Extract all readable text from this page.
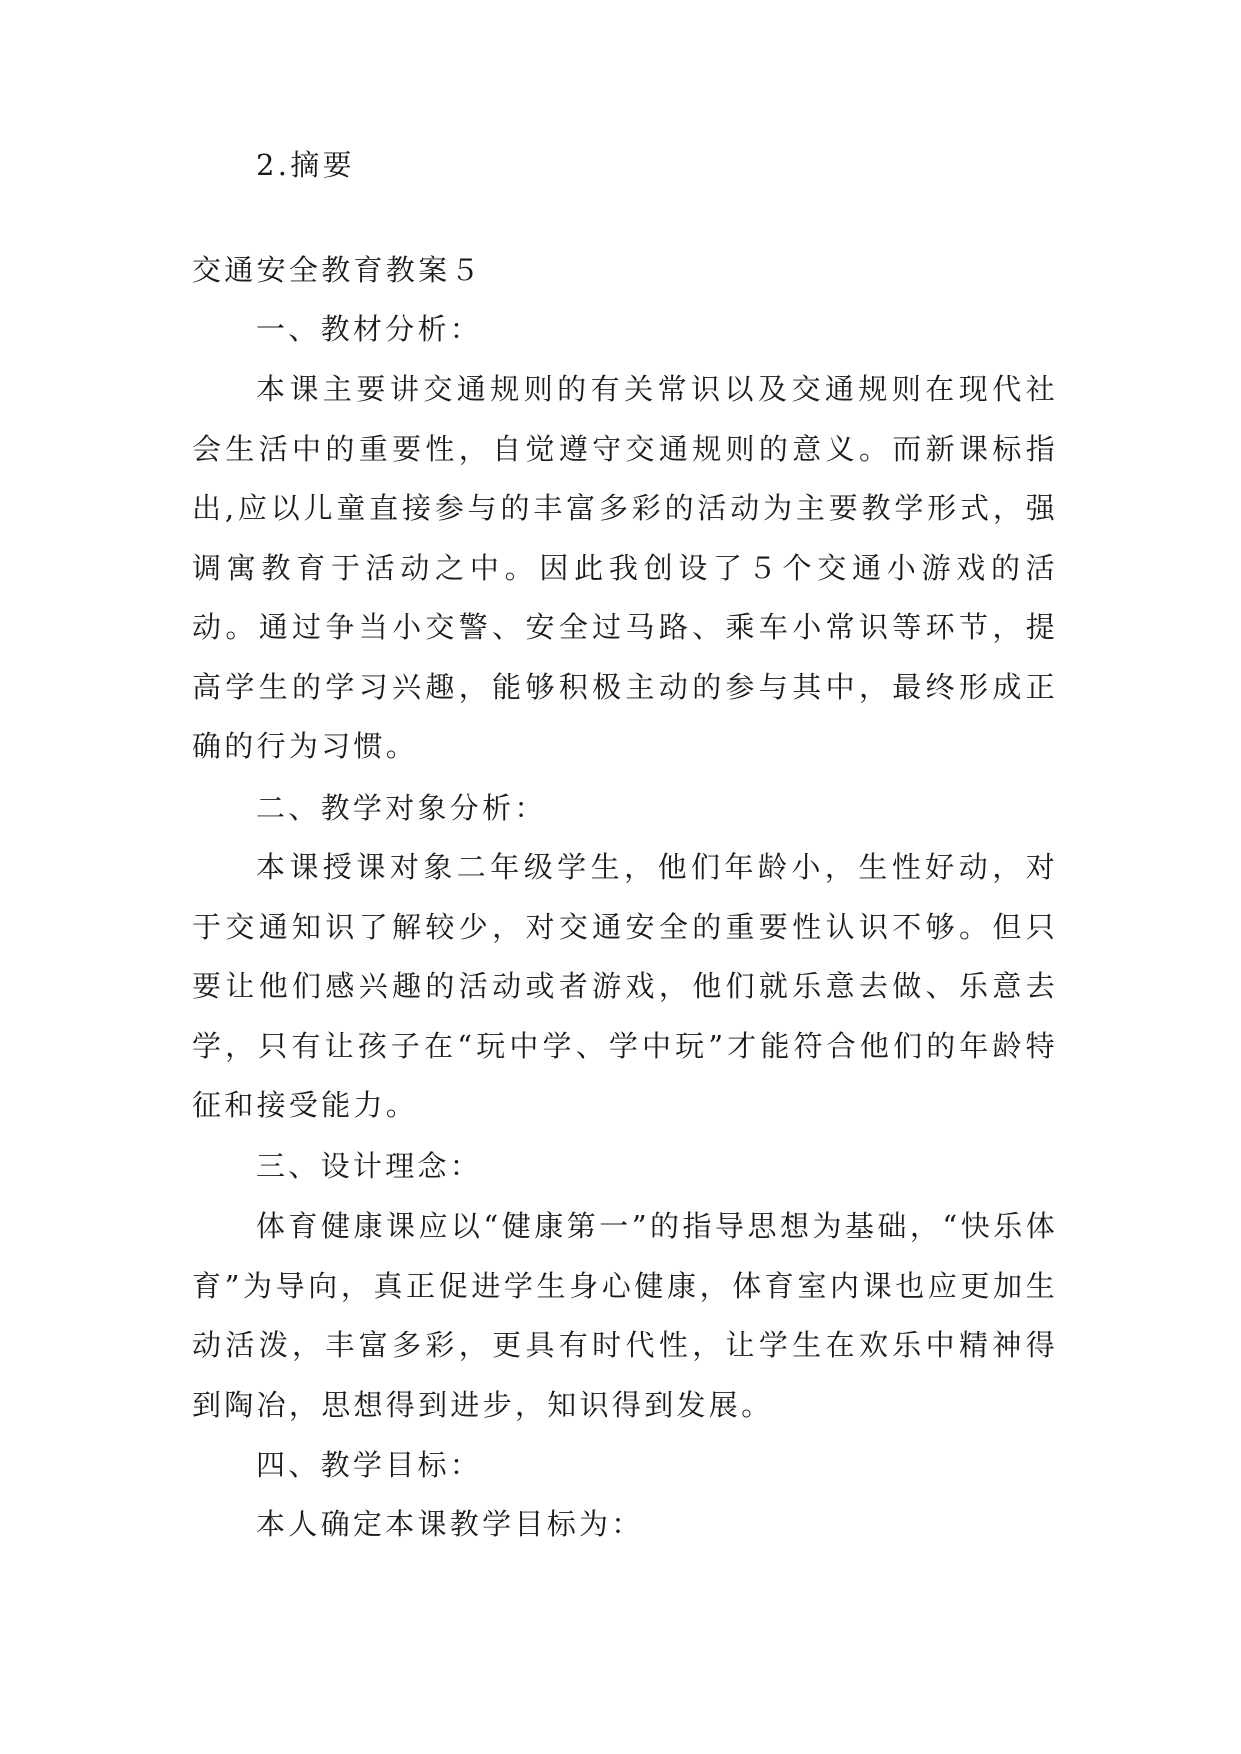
2.摘要

交通安全教育教案５

一、教材分析：

本课主要讲交通规则的有关常识以及交通规则在现代社会生活中的重要性，自觉遵守交通规则的意义。而新课标指出,应以儿童直接参与的丰富多彩的活动为主要教学形式，强调寓教育于活动之中。因此我创设了５个交通小游戏的活动。通过争当小交警、安全过马路、乘车小常识等环节，提高学生的学习兴趣，能够积极主动的参与其中，最终形成正确的行为习惯。

二、教学对象分析：

本课授课对象二年级学生，他们年龄小，生性好动，对于交通知识了解较少，对交通安全的重要性认识不够。但只要让他们感兴趣的活动或者游戏，他们就乐意去做、乐意去学，只有让孩子在“玩中学、学中玩”才能符合他们的年龄特征和接受能力。

三、设计理念：

体育健康课应以“健康第一”的指导思想为基础，“快乐体育”为导向，真正促进学生身心健康，体育室内课也应更加生动活泼，丰富多彩，更具有时代性，让学生在欢乐中精神得到陶冶，思想得到进步，知识得到发展。

四、教学目标：

本人确定本课教学目标为：
